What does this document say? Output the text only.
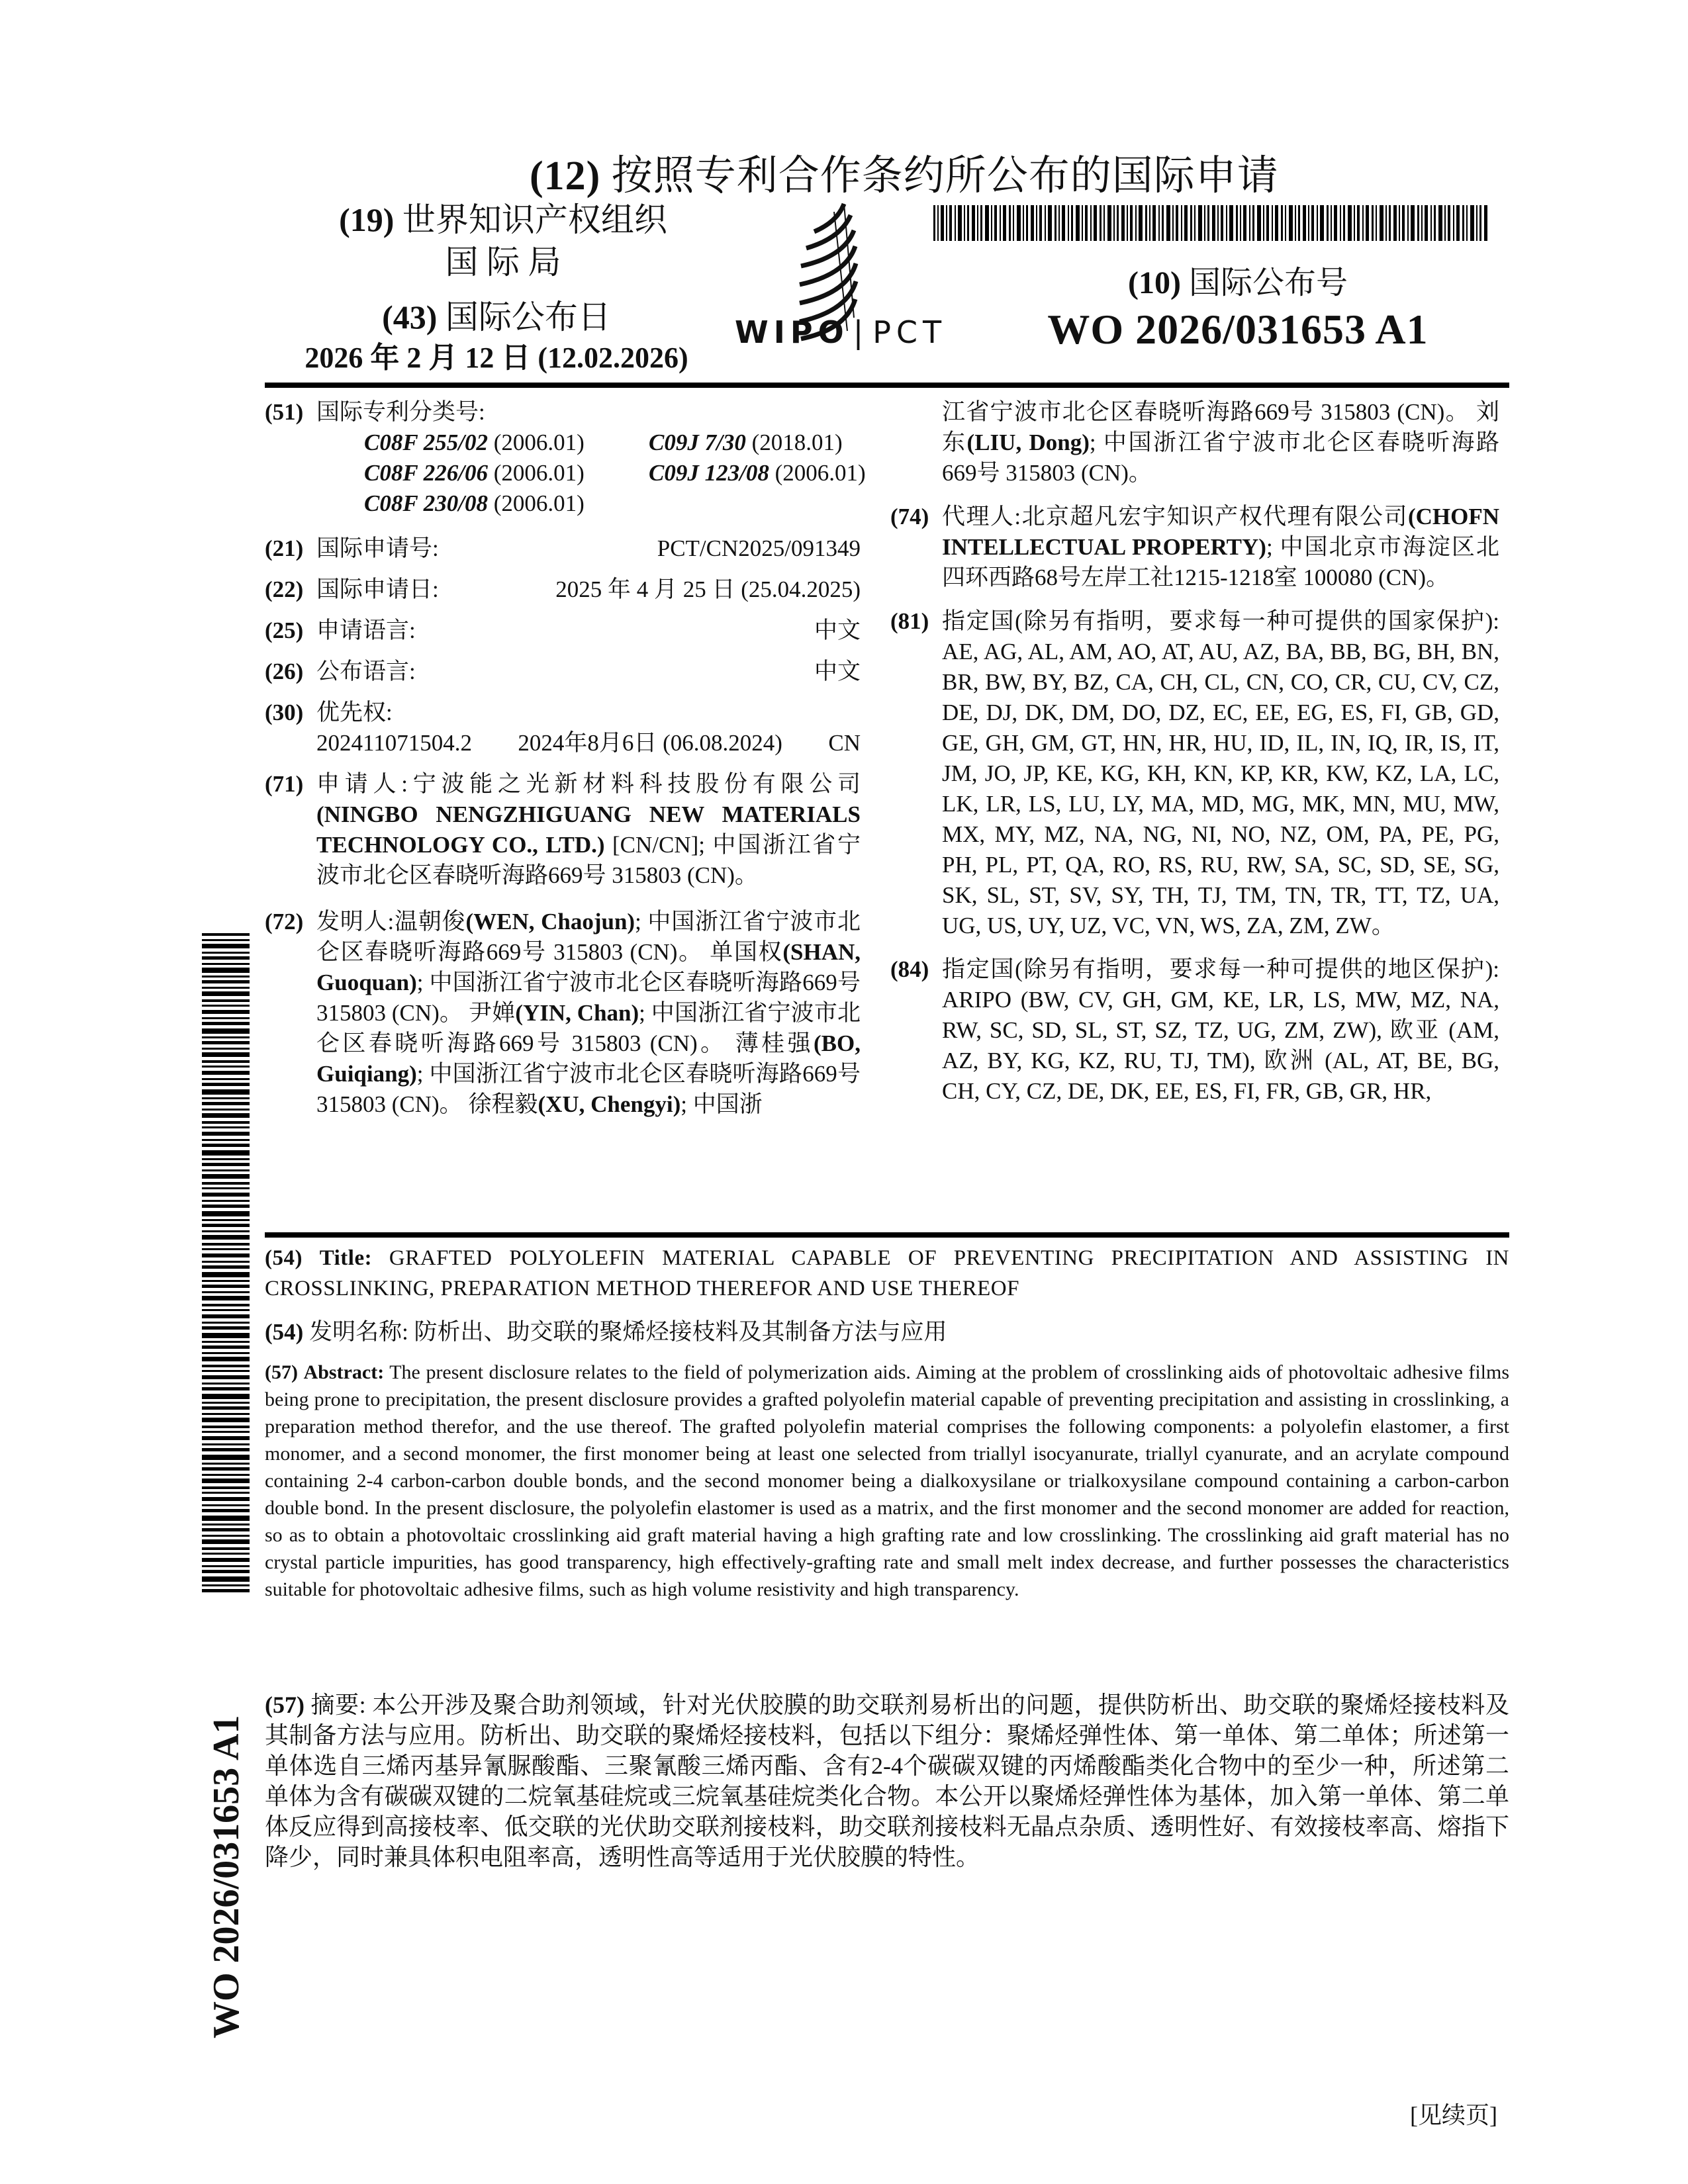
(12) 按照专利合作条约所公布的国际申请
(19) 世界知识产权组织
国 际 局
(43) 国际公布日
2026 年 2 月 12 日 (12.02.2026)
WIPO | PCT
(10) 国际公布号
WO 2026/031653 A1
(51) 国际专利分类号:
C08F 255/02 (2006.01)	C09J 7/30 (2018.01)
C08F 226/06 (2006.01)	C09J 123/08 (2006.01)
C08F 230/08 (2006.01)
(21) 国际申请号:	PCT/CN2025/091349
(22) 国际申请日:	2025 年 4 月 25 日 (25.04.2025)
(25) 申请语言:	中文
(26) 公布语言:	中文
(30) 优先权:
202411071504.2 2024年8月6日 (06.08.2024) CN
(71) 申请人:宁波能之光新材料科技股份有限公司 (NINGBO NENGZHIGUANG NEW MATERIALS TECHNOLOGY CO., LTD.) [CN/CN]; 中国浙江省宁波市北仑区春晓听海路669号 315803 (CN)。
(72) 发明人:温朝俊(WEN, Chaojun); 中国浙江省宁波市北仑区春晓听海路669号 315803 (CN)。 单国权(SHAN, Guoquan); 中国浙江省宁波市北仑区春晓听海路669号 315803 (CN)。 尹婵(YIN, Chan); 中国浙江省宁波市北仑区春晓听海路669号 315803 (CN)。 薄桂强(BO, Guiqiang); 中国浙江省宁波市北仑区春晓听海路669号 315803 (CN)。 徐程毅(XU, Chengyi); 中国浙
江省宁波市北仑区春晓听海路669号 315803 (CN)。 刘东(LIU, Dong); 中国浙江省宁波市北仑区春晓听海路669号 315803 (CN)。
(74) 代理人:北京超凡宏宇知识产权代理有限公司(CHOFN INTELLECTUAL PROPERTY); 中国北京市海淀区北四环西路68号左岸工社1215-1218室 100080 (CN)。
(81) 指定国(除另有指明，要求每一种可提供的国家保护): AE, AG, AL, AM, AO, AT, AU, AZ, BA, BB, BG, BH, BN, BR, BW, BY, BZ, CA, CH, CL, CN, CO, CR, CU, CV, CZ, DE, DJ, DK, DM, DO, DZ, EC, EE, EG, ES, FI, GB, GD, GE, GH, GM, GT, HN, HR, HU, ID, IL, IN, IQ, IR, IS, IT, JM, JO, JP, KE, KG, KH, KN, KP, KR, KW, KZ, LA, LC, LK, LR, LS, LU, LY, MA, MD, MG, MK, MN, MU, MW, MX, MY, MZ, NA, NG, NI, NO, NZ, OM, PA, PE, PG, PH, PL, PT, QA, RO, RS, RU, RW, SA, SC, SD, SE, SG, SK, SL, ST, SV, SY, TH, TJ, TM, TN, TR, TT, TZ, UA, UG, US, UY, UZ, VC, VN, WS, ZA, ZM, ZW。
(84) 指定国(除另有指明，要求每一种可提供的地区保护): ARIPO (BW, CV, GH, GM, KE, LR, LS, MW, MZ, NA, RW, SC, SD, SL, ST, SZ, TZ, UG, ZM, ZW), 欧亚 (AM, AZ, BY, KG, KZ, RU, TJ, TM), 欧洲 (AL, AT, BE, BG, CH, CY, CZ, DE, DK, EE, ES, FI, FR, GB, GR, HR,
(54) Title: GRAFTED POLYOLEFIN MATERIAL CAPABLE OF PREVENTING PRECIPITATION AND ASSISTING IN CROSSLINKING, PREPARATION METHOD THEREFOR AND USE THEREOF
(54) 发明名称: 防析出、助交联的聚烯烃接枝料及其制备方法与应用
(57) Abstract: The present disclosure relates to the field of polymerization aids. Aiming at the problem of crosslinking aids of photovoltaic adhesive films being prone to precipitation, the present disclosure provides a grafted polyolefin material capable of preventing precipitation and assisting in crosslinking, a preparation method therefor, and the use thereof. The grafted polyolefin material comprises the following components: a polyolefin elastomer, a first monomer, and a second monomer, the first monomer being at least one selected from triallyl isocyanurate, triallyl cyanurate, and an acrylate compound containing 2-4 carbon-carbon double bonds, and the second monomer being a dialkoxysilane or trialkoxysilane compound containing a carbon-carbon double bond. In the present disclosure, the polyolefin elastomer is used as a matrix, and the first monomer and the second monomer are added for reaction, so as to obtain a photovoltaic crosslinking aid graft material having a high grafting rate and low crosslinking. The crosslinking aid graft material has no crystal particle impurities, has good transparency, high effectively-grafting rate and small melt index decrease, and further possesses the characteristics suitable for photovoltaic adhesive films, such as high volume resistivity and high transparency.
(57) 摘要: 本公开涉及聚合助剂领域，针对光伏胶膜的助交联剂易析出的问题，提供防析出、助交联的聚烯烃接枝料及其制备方法与应用。防析出、助交联的聚烯烃接枝料，包括以下组分：聚烯烃弹性体、第一单体、第二单体；所述第一单体选自三烯丙基异氰脲酸酯、三聚氰酸三烯丙酯、含有2-4个碳碳双键的丙烯酸酯类化合物中的至少一种，所述第二单体为含有碳碳双键的二烷氧基硅烷或三烷氧基硅烷类化合物。本公开以聚烯烃弹性体为基体，加入第一单体、第二单体反应得到高接枝率、低交联的光伏助交联剂接枝料，助交联剂接枝料无晶点杂质、透明性好、有效接枝率高、熔指下降少，同时兼具体积电阻率高，透明性高等适用于光伏胶膜的特性。
WO 2026/031653 A1
[见续页]
